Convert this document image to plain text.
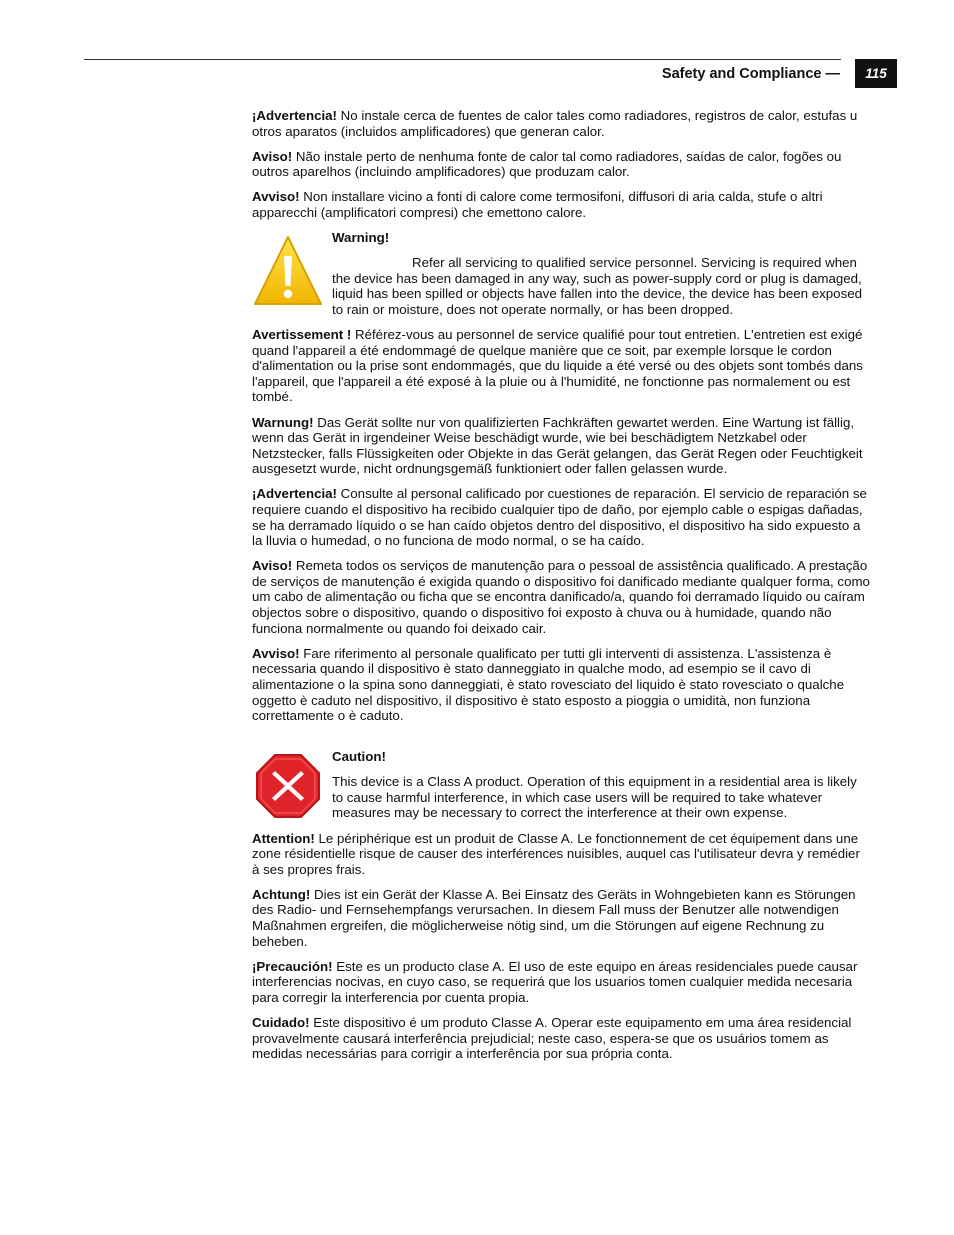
Safety and Compliance —	115

¡Advertencia! No instale cerca de fuentes de calor tales como radiadores, registros de calor, estufas u otros aparatos (incluidos amplificadores) que generan calor.

Aviso! Não instale perto de nenhuma fonte de calor tal como radiadores, saídas de calor, fogões ou outros aparelhos (incluindo amplificadores) que produzam calor.

Avviso! Non installare vicino a fonti di calore come termosifoni, diffusori di aria calda, stufe o altri apparecchi (amplificatori compresi) che emettono calore.

Warning!
Refer all servicing to qualified service personnel. Servicing is required when the device has been damaged in any way, such as power-supply cord or plug is damaged, liquid has been spilled or objects have fallen into the device, the device has been exposed to rain or moisture, does not operate normally, or has been dropped.

Avertissement ! Référez-vous au personnel de service qualifié pour tout entretien. L'entretien est exigé quand l'appareil a été endommagé de quelque manière que ce soit, par exemple lorsque le cordon d'alimentation ou la prise sont endommagés, que du liquide a été versé ou des objets sont tombés dans l'appareil, que l'appareil a été exposé à la pluie ou à l'humidité, ne fonctionne pas normalement ou est tombé.

Warnung! Das Gerät sollte nur von qualifizierten Fachkräften gewartet werden. Eine Wartung ist fällig, wenn das Gerät in irgendeiner Weise beschädigt wurde, wie bei beschädigtem Netzkabel oder Netzstecker, falls Flüssigkeiten oder Objekte in das Gerät gelangen, das Gerät Regen oder Feuchtigkeit ausgesetzt wurde, nicht ordnungsgemäß funktioniert oder fallen gelassen wurde.

¡Advertencia! Consulte al personal calificado por cuestiones de reparación. El servicio de reparación se requiere cuando el dispositivo ha recibido cualquier tipo de daño, por ejemplo cable o espigas dañadas, se ha derramado líquido o se han caído objetos dentro del dispositivo, el dispositivo ha sido expuesto a la lluvia o humedad, o no funciona de modo normal, o se ha caído.

Aviso! Remeta todos os serviços de manutenção para o pessoal de assistência qualificado. A prestação de serviços de manutenção é exigida quando o dispositivo foi danificado mediante qualquer forma, como um cabo de alimentação ou ficha que se encontra danificado/a, quando foi derramado líquido ou caíram objectos sobre o dispositivo, quando o dispositivo foi exposto à chuva ou à humidade, quando não funciona normalmente ou quando foi deixado cair.

Avviso! Fare riferimento al personale qualificato per tutti gli interventi di assistenza. L'assistenza è necessaria quando il dispositivo è stato danneggiato in qualche modo, ad esempio se il cavo di alimentazione o la spina sono danneggiati, è stato rovesciato del liquido è stato rovesciato o qualche oggetto è caduto nel dispositivo, il dispositivo è stato esposto a pioggia o umidità, non funziona correttamente o è caduto.

Caution!
This device is a Class A product. Operation of this equipment in a residential area is likely to cause harmful interference, in which case users will be required to take whatever measures may be necessary to correct the interference at their own expense.

Attention! Le périphérique est un produit de Classe A. Le fonctionnement de cet équipement dans une zone résidentielle risque de causer des interférences nuisibles, auquel cas l'utilisateur devra y remédier à ses propres frais.

Achtung! Dies ist ein Gerät der Klasse A. Bei Einsatz des Geräts in Wohngebieten kann es Störungen des Radio- und Fernsehempfangs verursachen. In diesem Fall muss der Benutzer alle notwendigen Maßnahmen ergreifen, die möglicherweise nötig sind, um die Störungen auf eigene Rechnung zu beheben.

¡Precaución! Este es un producto clase A. El uso de este equipo en áreas residenciales puede causar interferencias nocivas, en cuyo caso, se requerirá que los usuarios tomen cualquier medida necesaria para corregir la interferencia por cuenta propia.

Cuidado! Este dispositivo é um produto Classe A. Operar este equipamento em uma área residencial provavelmente causará interferência prejudicial; neste caso, espera-se que os usuários tomem as medidas necessárias para corrigir a interferência por sua própria conta.
